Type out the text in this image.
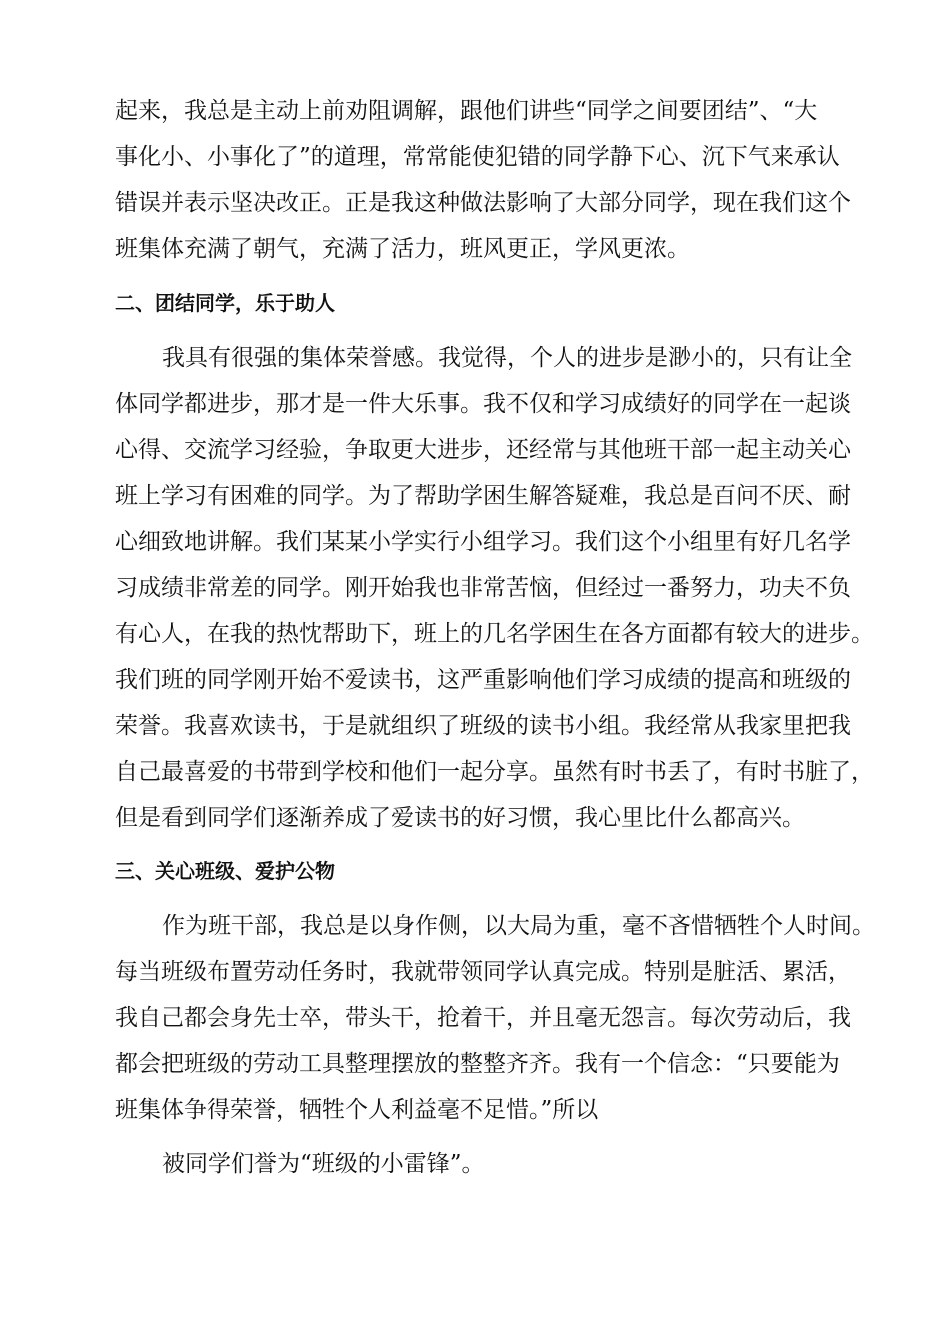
起来，我总是主动上前劝阻调解，跟他们讲些“同学之间要团结”、“大

事化小、小事化了”的道理，常常能使犯错的同学静下心、沉下气来承认

错误并表示坚决改正。正是我这种做法影响了大部分同学，现在我们这个

班集体充满了朝气，充满了活力，班风更正，学风更浓。

二、团结同学，乐于助人

我具有很强的集体荣誉感。我觉得，个人的进步是渺小的，只有让全

体同学都进步，那才是一件大乐事。我不仅和学习成绩好的同学在一起谈

心得、交流学习经验，争取更大进步，还经常与其他班干部一起主动关心

班上学习有困难的同学。为了帮助学困生解答疑难，我总是百问不厌、耐

心细致地讲解。我们某某小学实行小组学习。我们这个小组里有好几名学

习成绩非常差的同学。刚开始我也非常苦恼，但经过一番努力，功夫不负

有心人，在我的热忱帮助下，班上的几名学困生在各方面都有较大的进步。

我们班的同学刚开始不爱读书，这严重影响他们学习成绩的提高和班级的

荣誉。我喜欢读书，于是就组织了班级的读书小组。我经常从我家里把我

自己最喜爱的书带到学校和他们一起分享。虽然有时书丢了，有时书脏了，

但是看到同学们逐渐养成了爱读书的好习惯，我心里比什么都高兴。

三、关心班级、爱护公物

作为班干部，我总是以身作侧，以大局为重，毫不吝惜牺牲个人时间。

每当班级布置劳动任务时，我就带领同学认真完成。特别是脏活、累活，

我自己都会身先士卒，带头干，抢着干，并且毫无怨言。每次劳动后，我

都会把班级的劳动工具整理摆放的整整齐齐。我有一个信念：“只要能为

班集体争得荣誉，牺牲个人利益毫不足惜。”所以

被同学们誉为“班级的小雷锋”。
